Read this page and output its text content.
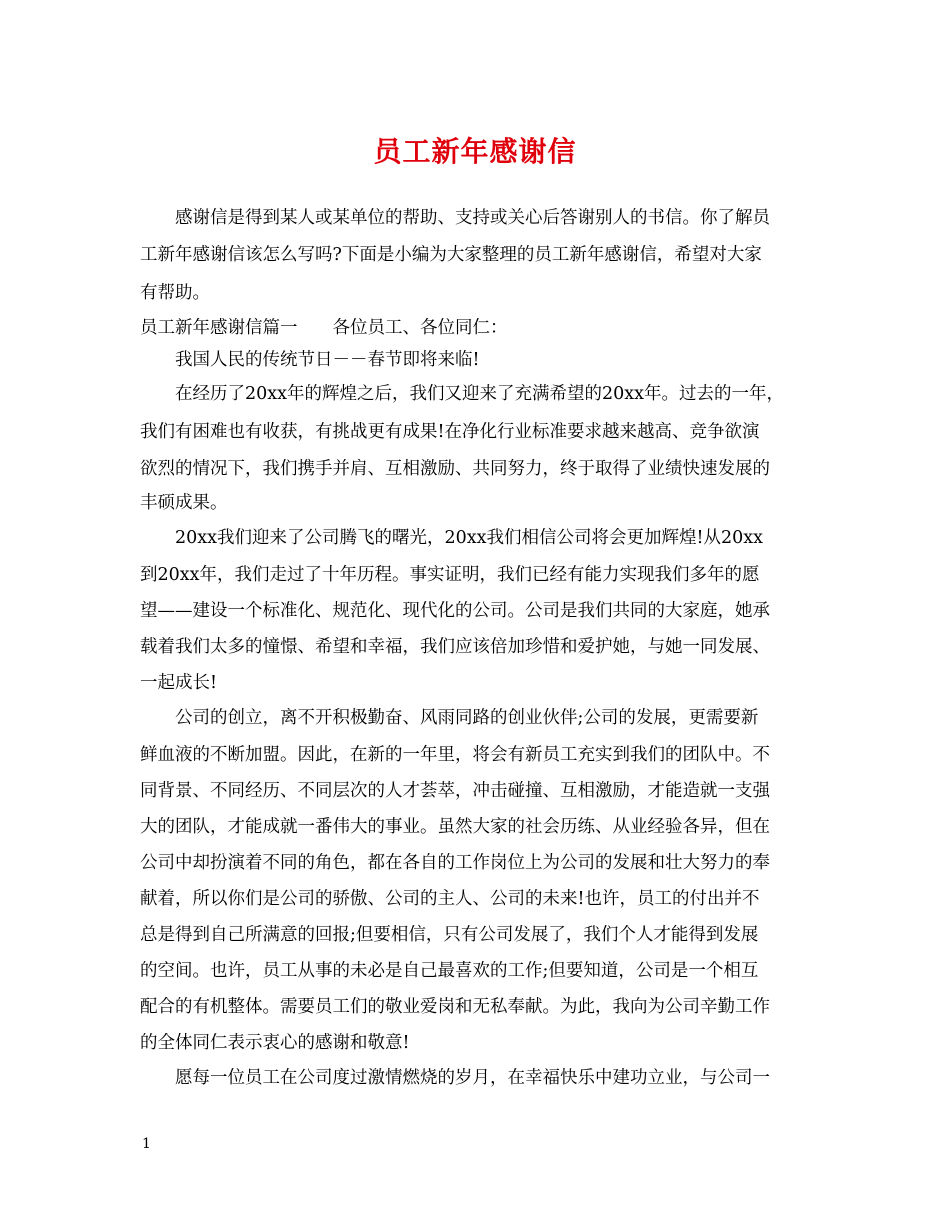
员工新年感谢信

　　感谢信是得到某人或某单位的帮助、支持或关心后答谢别人的书信。你了解员

工新年感谢信该怎么写吗?下面是小编为大家整理的员工新年感谢信，希望对大家

有帮助。

员工新年感谢信篇一　　各位员工、各位同仁：

　　我国人民的传统节日－－春节即将来临!

　　在经历了20xx年的辉煌之后，我们又迎来了充满希望的20xx年。过去的一年，

我们有困难也有收获，有挑战更有成果!在净化行业标准要求越来越高、竞争欲演

欲烈的情况下，我们携手并肩、互相激励、共同努力，终于取得了业绩快速发展的

丰硕成果。

　　20xx我们迎来了公司腾飞的曙光，20xx我们相信公司将会更加辉煌!从20xx

到20xx年，我们走过了十年历程。事实证明，我们已经有能力实现我们多年的愿

望——建设一个标准化、规范化、现代化的公司。公司是我们共同的大家庭，她承

载着我们太多的憧憬、希望和幸福，我们应该倍加珍惜和爱护她，与她一同发展、

一起成长!

　　公司的创立，离不开积极勤奋、风雨同路的创业伙伴;公司的发展，更需要新

鲜血液的不断加盟。因此，在新的一年里，将会有新员工充实到我们的团队中。不

同背景、不同经历、不同层次的人才荟萃，冲击碰撞、互相激励，才能造就一支强

大的团队，才能成就一番伟大的事业。虽然大家的社会历练、从业经验各异，但在

公司中却扮演着不同的角色，都在各自的工作岗位上为公司的发展和壮大努力的奉

献着，所以你们是公司的骄傲、公司的主人、公司的未来!也许，员工的付出并不

总是得到自己所满意的回报;但要相信，只有公司发展了，我们个人才能得到发展

的空间。也许，员工从事的未必是自己最喜欢的工作;但要知道，公司是一个相互

配合的有机整体。需要员工们的敬业爱岗和无私奉献。为此，我向为公司辛勤工作

的全体同仁表示衷心的感谢和敬意!

　　愿每一位员工在公司度过激情燃烧的岁月，在幸福快乐中建功立业，与公司一

1
